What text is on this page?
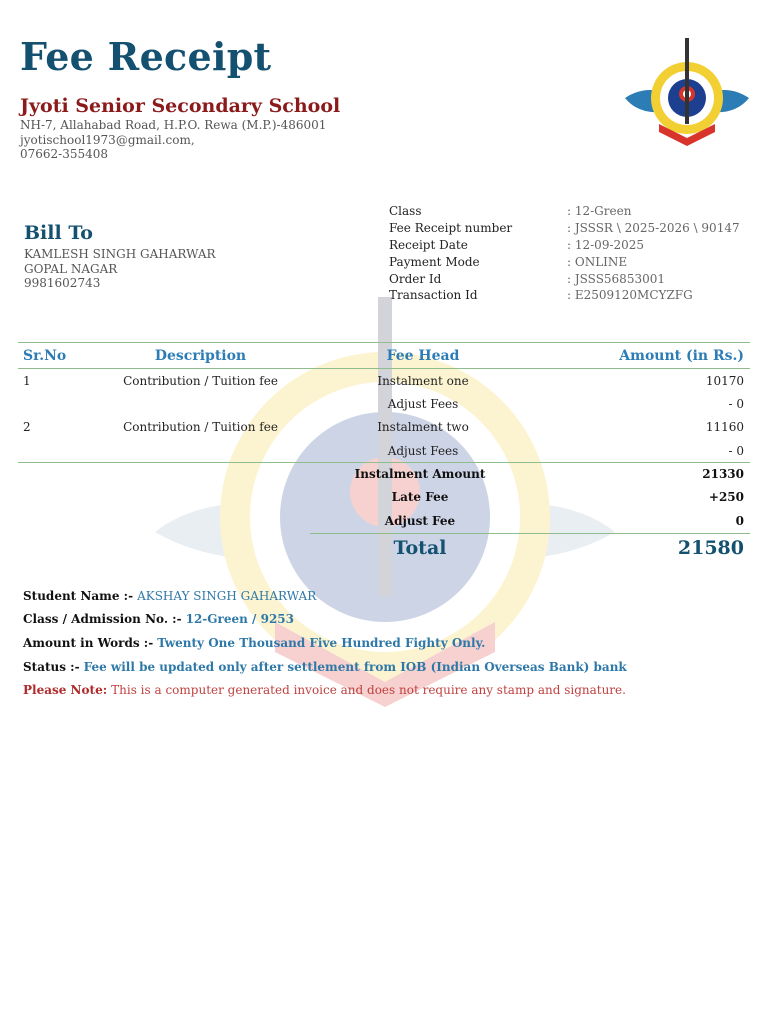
Fee Receipt
Jyoti Senior Secondary School
NH-7, Allahabad Road, H.P.O. Rewa (M.P.)-486001
jyotischool1973@gmail.com,
07662-355408
Bill To
KAMLESH SINGH GAHARWAR
GOPAL NAGAR
9981602743
Class	: 12-Green
Fee Receipt number	: JSSSR \ 2025-2026 \ 90147
Receipt Date	: 12-09-2025
Payment Mode	: ONLINE
Order Id	: JSSS56853001
Transaction Id	: E2509120MCYZFG
Sr.No	Description	Fee Head	Amount (in Rs.)
1	Contribution / Tuition fee	Instalment one	10170
		Adjust Fees	- 0
2	Contribution / Tuition fee	Instalment two	11160
		Adjust Fees	- 0
Instalment Amount	21330
Late Fee	+250
Adjust Fee	0
Total	21580
Student Name :- AKSHAY SINGH GAHARWAR
Class / Admission No. :- 12-Green / 9253
Amount in Words :- Twenty One Thousand Five Hundred Fighty Only.
Status :- Fee will be updated only after settlement from IOB (Indian Overseas Bank) bank
Please Note: This is a computer generated invoice and does not require any stamp and signature.
